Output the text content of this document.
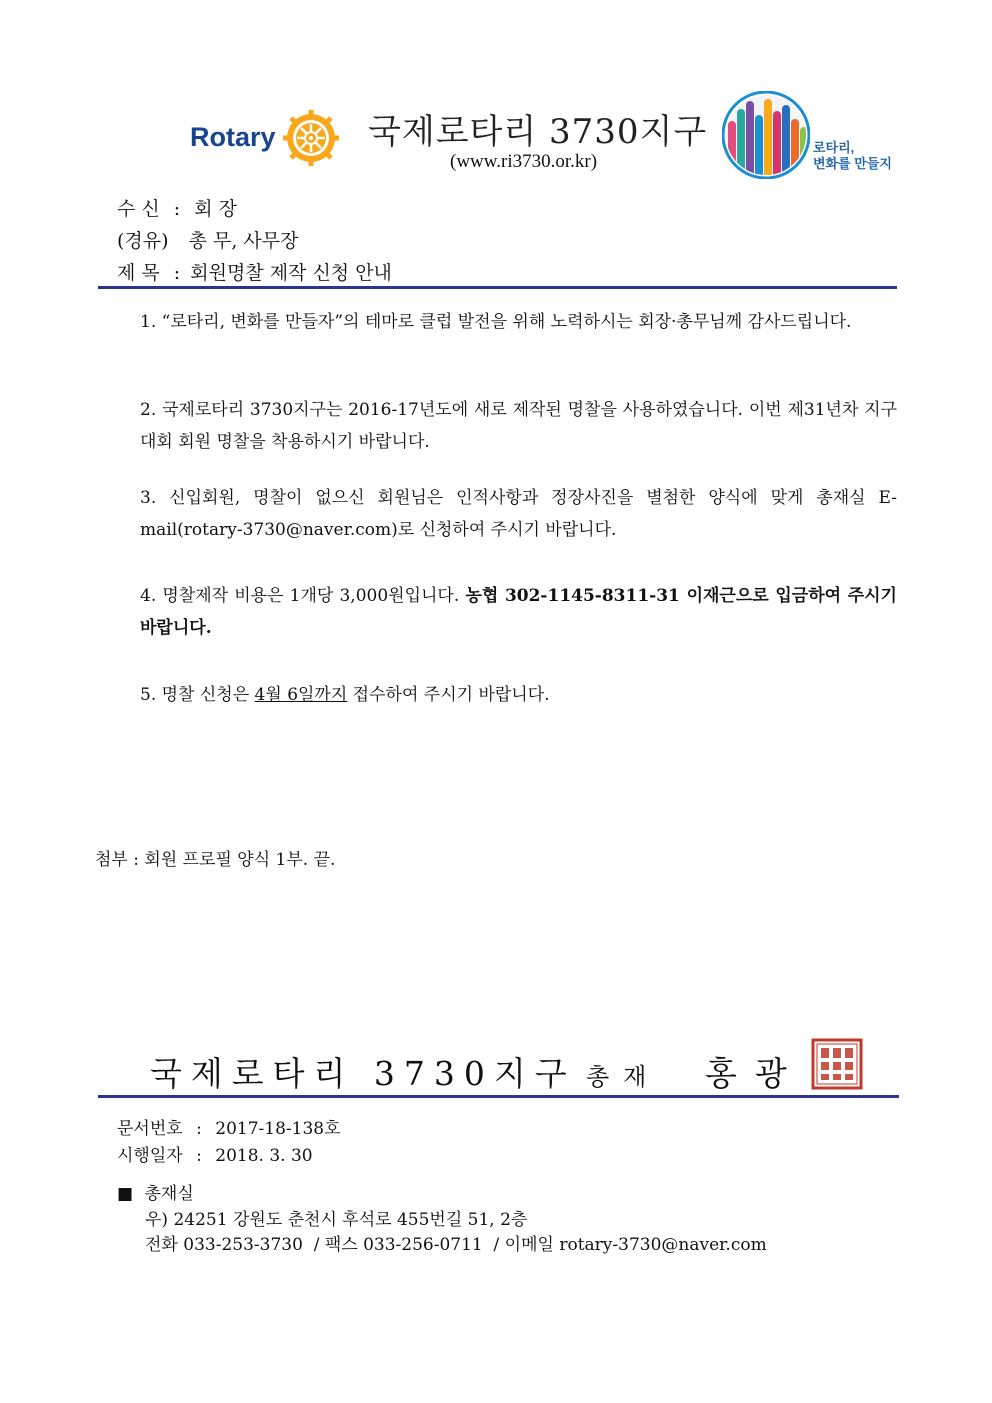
Rotary	국제로타리 3730지구
(www.ri3730.or.kr)
로타리,
변화를 만들지
수 신 : 회 장
(경유) 총 무, 사무장
제 목 : 회원명찰 제작 신청 안내
1. “로타리, 변화를 만들자”의 테마로 클럽 발전을 위해 노력하시는 회장·총무님께 감사드립니다.
2. 국제로타리 3730지구는 2016-17년도에 새로 제작된 명찰을 사용하였습니다. 이번 제31년차 지구대회 회원 명찰을 착용하시기 바랍니다.
3. 신입회원, 명찰이 없으신 회원님은 인적사항과 정장사진을 별첨한 양식에 맞게 총재실 E-mail(rotary-3730@naver.com)로 신청하여 주시기 바랍니다.
4. 명찰제작 비용은 1개당 3,000원입니다. 농협 302-1145-8311-31 이재근으로 입금하여 주시기 바랍니다.
5. 명찰 신청은 4월 6일까지 접수하여 주시기 바랍니다.
첨부 : 회원 프로필 양식 1부. 끝.
국제로타리 3730지구 총재 홍광
문서번호 : 2017-18-138호
시행일자 : 2018. 3. 30
■ 총재실
우) 24251 강원도 춘천시 후석로 455번길 51, 2층
전화 033-253-3730  / 팩스 033-256-0711  / 이메일 rotary-3730@naver.com
